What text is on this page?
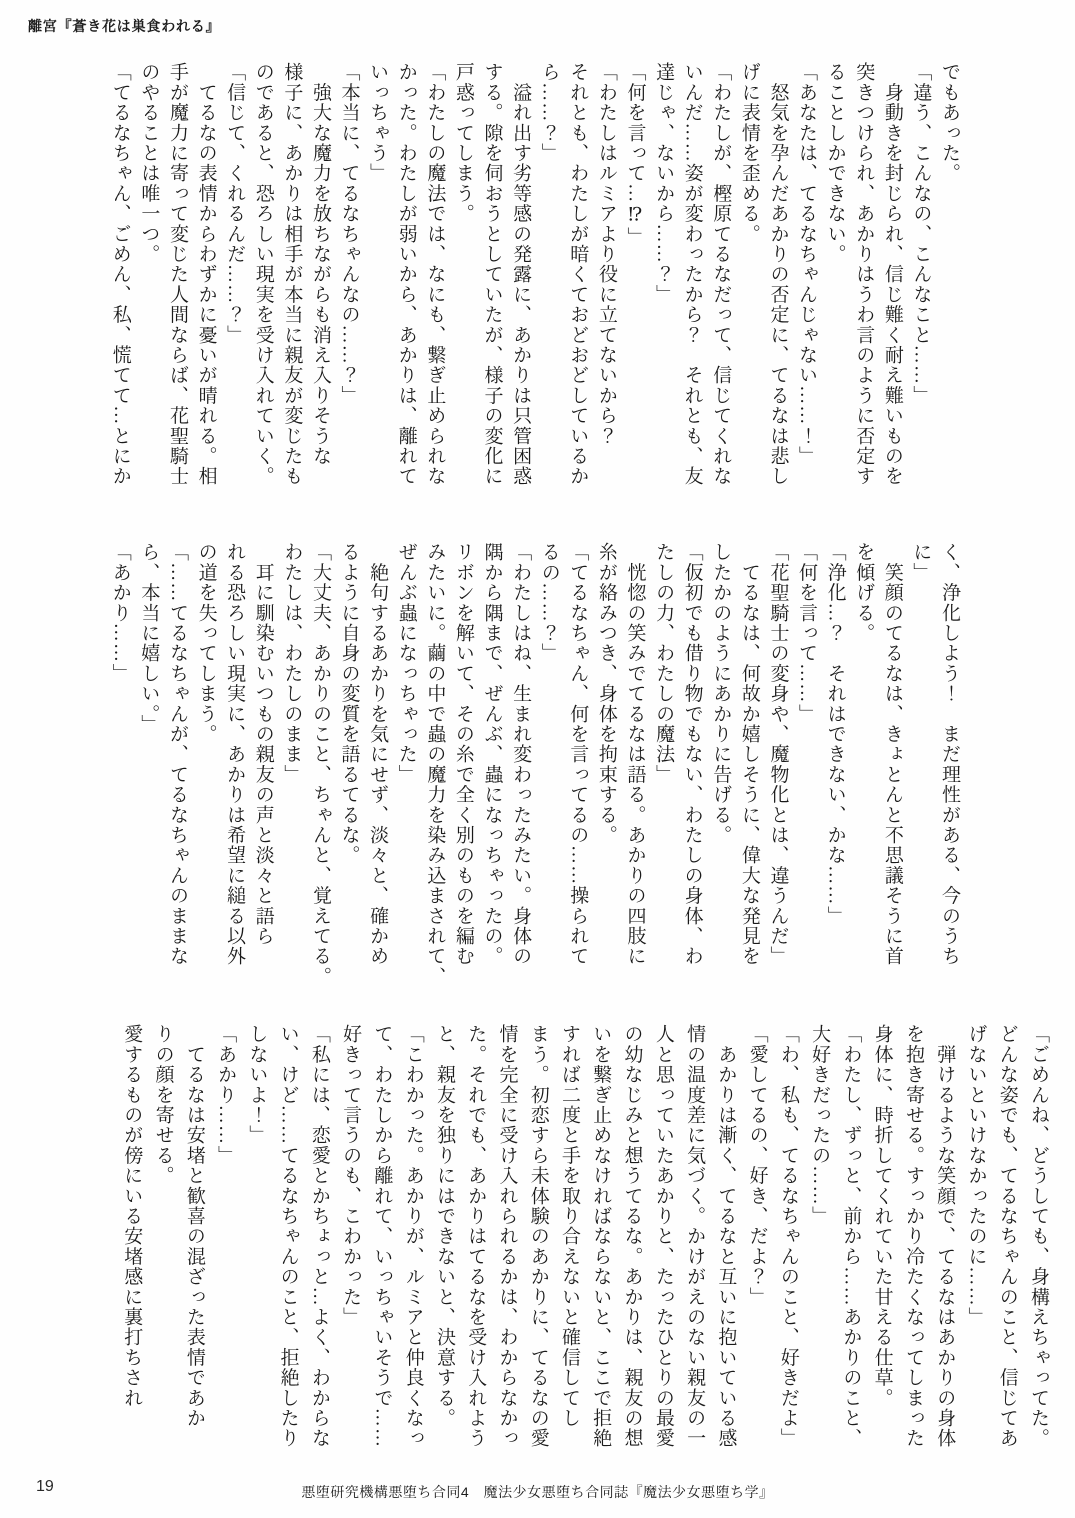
離宮『蒼き花は巣食われる』
でもあった。
「違う、こんなの、こんなこと……」
　身動きを封じられ、信じ難く耐え難いものを
突きつけられ、あかりはうわ言のように否定す
ることしかできない。
「あなたは、てるなちゃんじゃない……！」
　怒気を孕んだあかりの否定に、てるなは悲し
げに表情を歪める。
「わたしが、樫原てるなだって、信じてくれな
いんだ……姿が変わったから？　それとも、友
達じゃ、ないから……？」
「何を言って…⁉」
「わたしはルミアより役に立てないから？
それとも、わたしが暗くておどおどしているか
ら……？」
　溢れ出す劣等感の発露に、あかりは只管困惑
する。隙を伺おうとしていたが、様子の変化に
戸惑ってしまう。
「わたしの魔法では、なにも、繋ぎ止められな
かった。わたしが弱いから、あかりは、離れて
いっちゃう」
「本当に、てるなちゃんなの……？」
　強大な魔力を放ちながらも消え入りそうな
様子に、あかりは相手が本当に親友が変じたも
のであると、恐ろしい現実を受け入れていく。
「信じて、くれるんだ……？」
　てるなの表情からわずかに憂いが晴れる。相
手が魔力に寄って変じた人間ならば、花聖騎士
のやることは唯一つ。
「てるなちゃん、ごめん、私、慌てて…とにか
く、浄化しよう！　まだ理性がある、今のうち
に」
　笑顔のてるなは、きょとんと不思議そうに首
を傾げる。
「浄化…？　それはできない、かな……」
「何を言って……」
「花聖騎士の変身や、魔物化とは、違うんだ」
　てるなは、何故か嬉しそうに、偉大な発見を
したかのようにあかりに告げる。
「仮初でも借り物でもない、わたしの身体、わ
たしの力、わたしの魔法」
　恍惚の笑みでてるなは語る。あかりの四肢に
糸が絡みつき、身体を拘束する。
「てるなちゃん、何を言ってるの……操られて
るの……？」
「わたしはね、生まれ変わったみたい。身体の
隅から隅まで、ぜんぶ、蟲になっちゃったの。
リボンを解いて、その糸で全く別のものを編む
みたいに。繭の中で蟲の魔力を染み込まされて、
ぜんぶ蟲になっちゃった」
　絶句するあかりを気にせず、淡々と、確かめ
るように自身の変質を語るてるな。
「大丈夫、あかりのこと、ちゃんと、覚えてる。
わたしは、わたしのまま」
　耳に馴染むいつもの親友の声と淡々と語ら
れる恐ろしい現実に、あかりは希望に縋る以外
の道を失ってしまう。
「……てるなちゃんが、てるなちゃんのままな
ら、本当に嬉しい。」
「あかり……」
「ごめんね、どうしても、身構えちゃってた。
どんな姿でも、てるなちゃんのこと、信じてあ
げないといけなかったのに……」
　弾けるような笑顔で、てるなはあかりの身体
を抱き寄せる。すっかり冷たくなってしまった
身体に、時折してくれていた甘える仕草。
「わたし、ずっと、前から……あかりのこと、
大好きだったの……」
「わ、私も、てるなちゃんのこと、好きだよ」
「愛してるの、好き、だよ？」
　あかりは漸く、てるなと互いに抱いている感
情の温度差に気づく。かけがえのない親友の一
人と思っていたあかりと、たったひとりの最愛
の幼なじみと想うてるな。あかりは、親友の想
いを繋ぎ止めなければならないと、ここで拒絶
すれば二度と手を取り合えないと確信してし
まう。初恋すら未体験のあかりに、てるなの愛
情を完全に受け入れられるかは、わからなかっ
た。それでも、あかりはてるなを受け入れよう
と、親友を独りにはできないと、決意する。
「こわかった。あかりが、ルミアと仲良くなっ
て、わたしから離れて、いっちゃいそうで……
好きって言うのも、こわかった」
「私には、恋愛とかちょっと…よく、わからな
い、けど……てるなちゃんのこと、拒絶したり
しないよ！」
「あかり……」
　てるなは安堵と歓喜の混ざった表情であか
りの顔を寄せる。
愛するものが傍にいる安堵感に裏打ちされ
19	悪堕研究機構悪堕ち合同4　魔法少女悪堕ち合同誌『魔法少女悪堕ち学』
